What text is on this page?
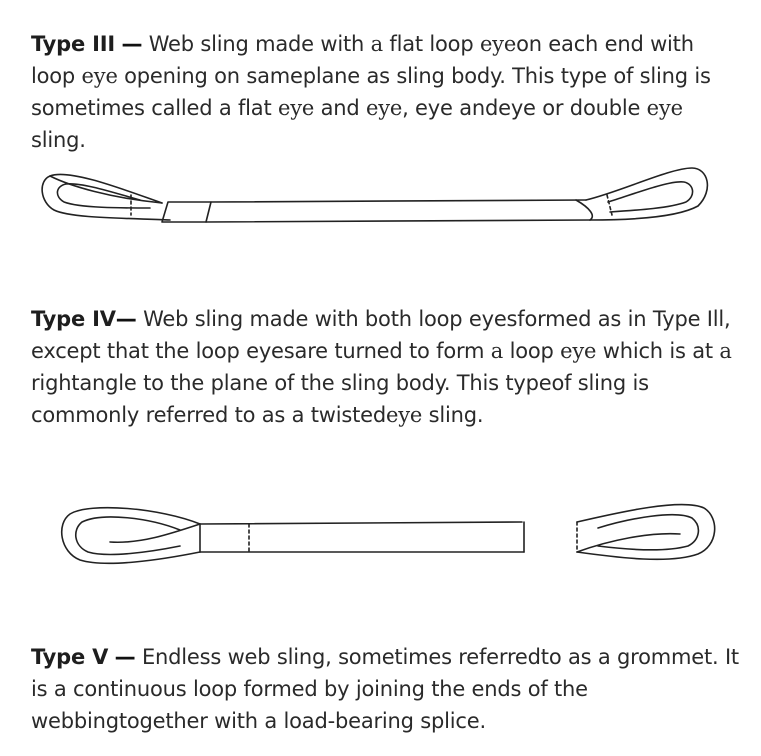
Type III — Web sling made with a flat loop eyeon each end with loop eye opening on sameplane as sling body. This type of sling is sometimes called a flat eye and eye, eye andeye or double eye sling.

Type IV— Web sling made with both loop eyesformed as in Type Ill, except that the loop eyesare turned to form a loop eye which is at a rightangle to the plane of the sling body. This typeof sling is commonly referred to as a twistedeye sling.

Type V — Endless web sling, sometimes referredto as a grommet. It is a continuous loop formed by joining the ends of the webbingtogether with a load-bearing splice.
